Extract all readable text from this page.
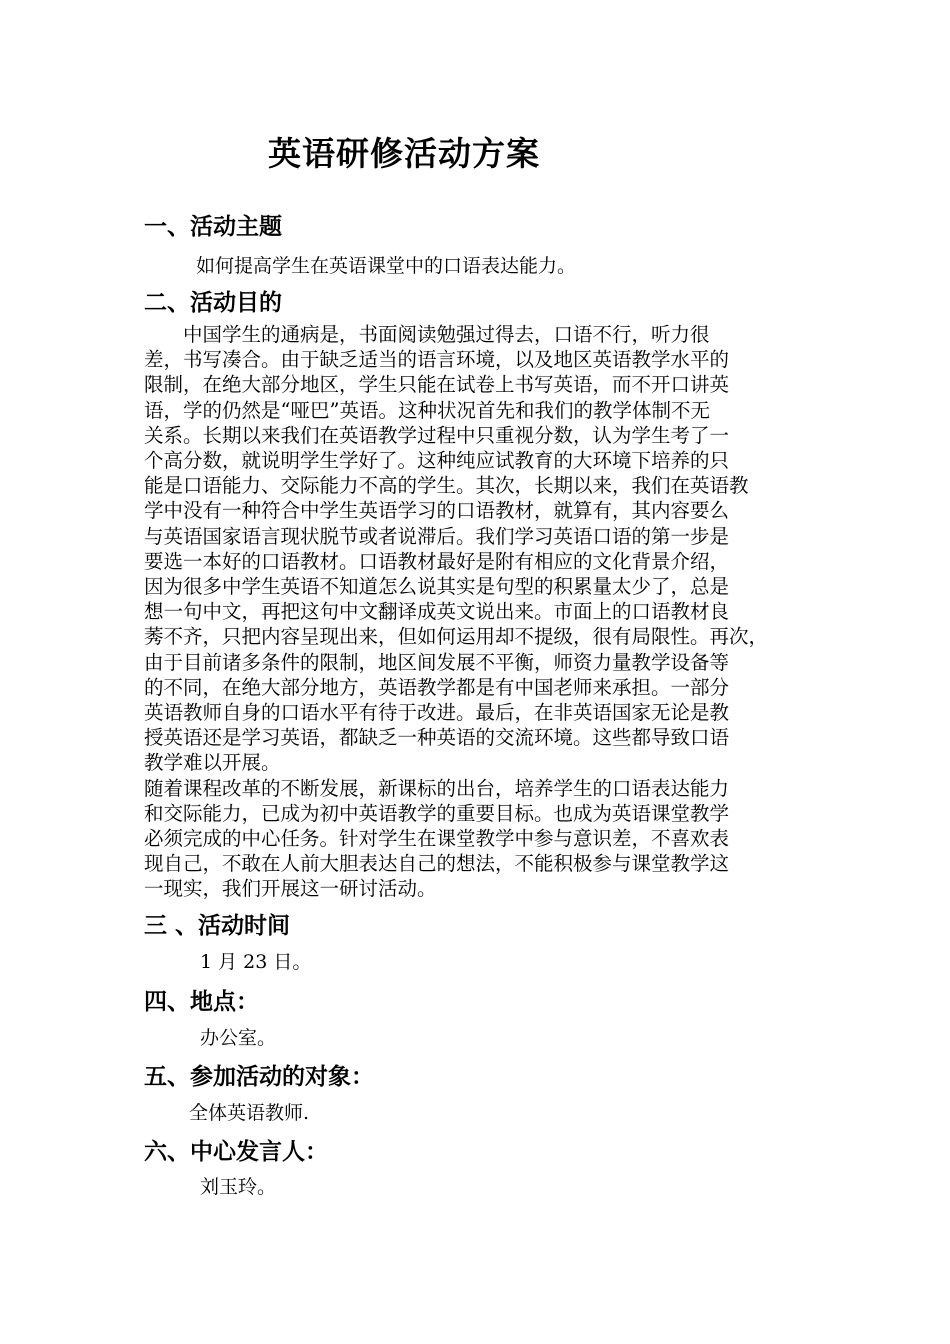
英语研修活动方案
一、活动主题
如何提高学生在英语课堂中的口语表达能力。
二、活动目的
　　中国学生的通病是，书面阅读勉强过得去，口语不行，听力很
差，书写凑合。由于缺乏适当的语言环境，以及地区英语教学水平的
限制，在绝大部分地区，学生只能在试卷上书写英语，而不开口讲英
语，学的仍然是“哑巴”英语。这种状况首先和我们的教学体制不无
关系。长期以来我们在英语教学过程中只重视分数，认为学生考了一
个高分数，就说明学生学好了。这种纯应试教育的大环境下培养的只
能是口语能力、交际能力不高的学生。其次，长期以来，我们在英语教
学中没有一种符合中学生英语学习的口语教材，就算有，其内容要么
与英语国家语言现状脱节或者说滞后。我们学习英语口语的第一步是
要选一本好的口语教材。口语教材最好是附有相应的文化背景介绍，
因为很多中学生英语不知道怎么说其实是句型的积累量太少了，总是
想一句中文，再把这句中文翻译成英文说出来。市面上的口语教材良
莠不齐，只把内容呈现出来，但如何运用却不提级，很有局限性。再次，
由于目前诸多条件的限制，地区间发展不平衡，师资力量教学设备等
的不同，在绝大部分地方，英语教学都是有中国老师来承担。一部分
英语教师自身的口语水平有待于改进。最后，在非英语国家无论是教
授英语还是学习英语，都缺乏一种英语的交流环境。这些都导致口语
教学难以开展。
随着课程改革的不断发展，新课标的出台，培养学生的口语表达能力
和交际能力，已成为初中英语教学的重要目标。也成为英语课堂教学
必须完成的中心任务。针对学生在课堂教学中参与意识差，不喜欢表
现自己，不敢在人前大胆表达自己的想法，不能积极参与课堂教学这
一现实，我们开展这一研讨活动。
三 、活动时间
1 月 23 日。
四、地点：
办公室。
五、参加活动的对象：
全体英语教师.
六、中心发言人：
刘玉玲。
